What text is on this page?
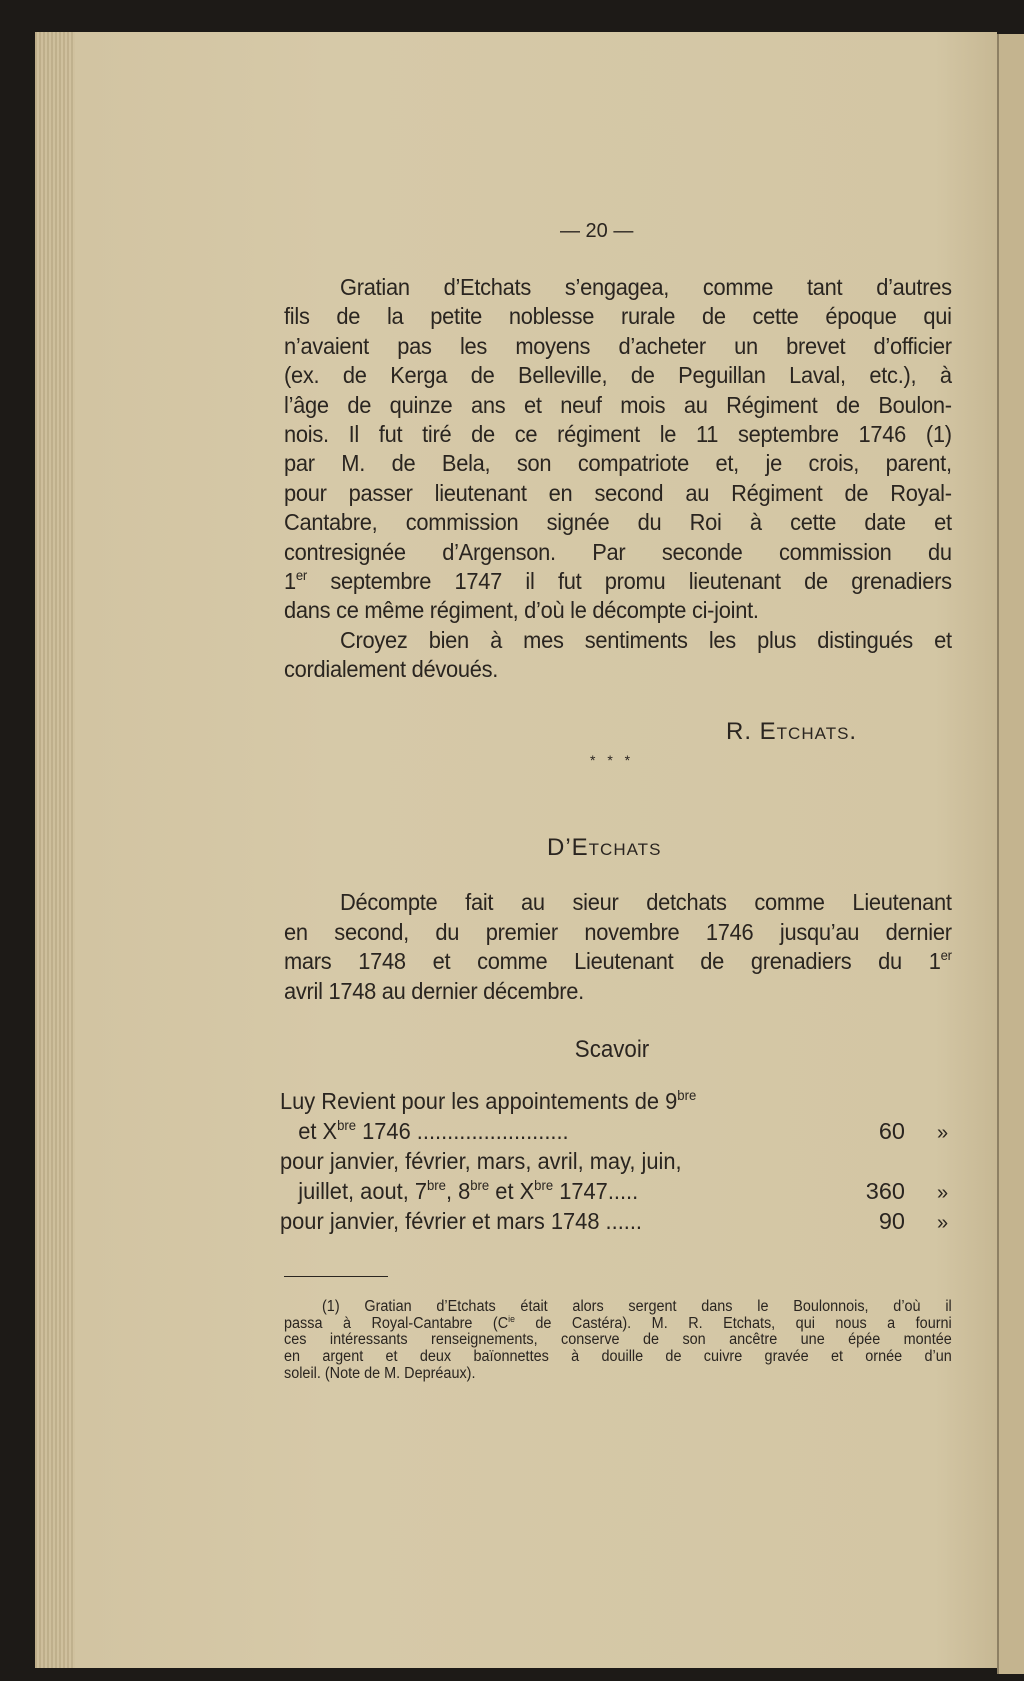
— 20 —
Gratian d’Etchats s’engagea, comme tant d’autres
fils de la petite noblesse rurale de cette époque qui
n’avaient pas les moyens d’acheter un brevet d’officier
(ex. de Kerga de Belleville, de Peguillan Laval, etc.), à
l’âge de quinze ans et neuf mois au Régiment de Boulon-
nois. Il fut tiré de ce régiment le 11 septembre 1746 (1)
par M. de Bela, son compatriote et, je crois, parent,
pour passer lieutenant en second au Régiment de Royal-
Cantabre, commission signée du Roi à cette date et
contresignée d’Argenson. Par seconde commission du
1er septembre 1747 il fut promu lieutenant de grenadiers
dans ce même régiment, d’où le décompte ci-joint.
Croyez bien à mes sentiments les plus distingués et
cordialement dévoués.
R. Etchats.
* * *
D’Etchats
Décompte fait au sieur detchats comme Lieutenant
en second, du premier novembre 1746 jusqu’au dernier
mars 1748 et comme Lieutenant de grenadiers du 1er
avril 1748 au dernier décembre.
Scavoir
Luy Revient pour les appointements de $9^{bre}$
et $X^{bre}$ 1746 .........................	60 »
pour janvier, février, mars, avril, may, juin,
juillet, aout, $7^{bre}$, $8^{bre}$ et $X^{bre}$ 1747.....	360 »
pour janvier, février et mars 1748 ......	90 »
(1) Gratian d’Etchats était alors sergent dans le Boulonnois, d’où il
passa à Royal-Cantabre ($C^{ie}$ de Castéra). M. R. Etchats, qui nous a fourni
ces intéressants renseignements, conserve de son ancêtre une épée montée
en argent et deux baïonnettes à douille de cuivre gravée et ornée d’un
soleil. (Note de M. Depréaux).
